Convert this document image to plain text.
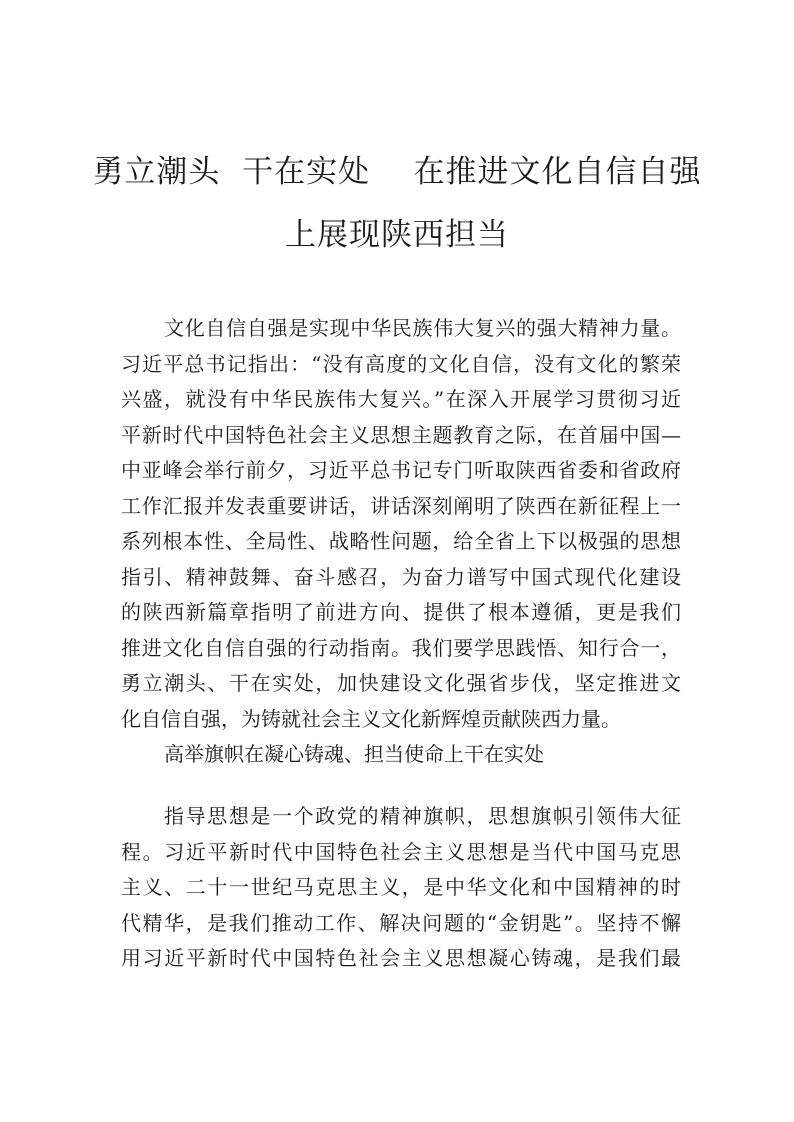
勇立潮头  干在实处    在推进文化自信自强
上展现陕西担当

文化自信自强是实现中华民族伟大复兴的强大精神力量。

习近平总书记指出：“没有高度的文化自信，没有文化的繁荣

兴盛，就没有中华民族伟大复兴。”在深入开展学习贯彻习近

平新时代中国特色社会主义思想主题教育之际，在首届中国—

中亚峰会举行前夕，习近平总书记专门听取陕西省委和省政府

工作汇报并发表重要讲话，讲话深刻阐明了陕西在新征程上一

系列根本性、全局性、战略性问题，给全省上下以极强的思想

指引、精神鼓舞、奋斗感召，为奋力谱写中国式现代化建设

的陕西新篇章指明了前进方向、提供了根本遵循，更是我们

推进文化自信自强的行动指南。我们要学思践悟、知行合一，

勇立潮头、干在实处，加快建设文化强省步伐，坚定推进文

化自信自强，为铸就社会主义文化新辉煌贡献陕西力量。

高举旗帜在凝心铸魂、担当使命上干在实处

指导思想是一个政党的精神旗帜，思想旗帜引领伟大征

程。习近平新时代中国特色社会主义思想是当代中国马克思

主义、二十一世纪马克思主义，是中华文化和中国精神的时

代精华，是我们推动工作、解决问题的“金钥匙”。坚持不懈

用习近平新时代中国特色社会主义思想凝心铸魂，是我们最
